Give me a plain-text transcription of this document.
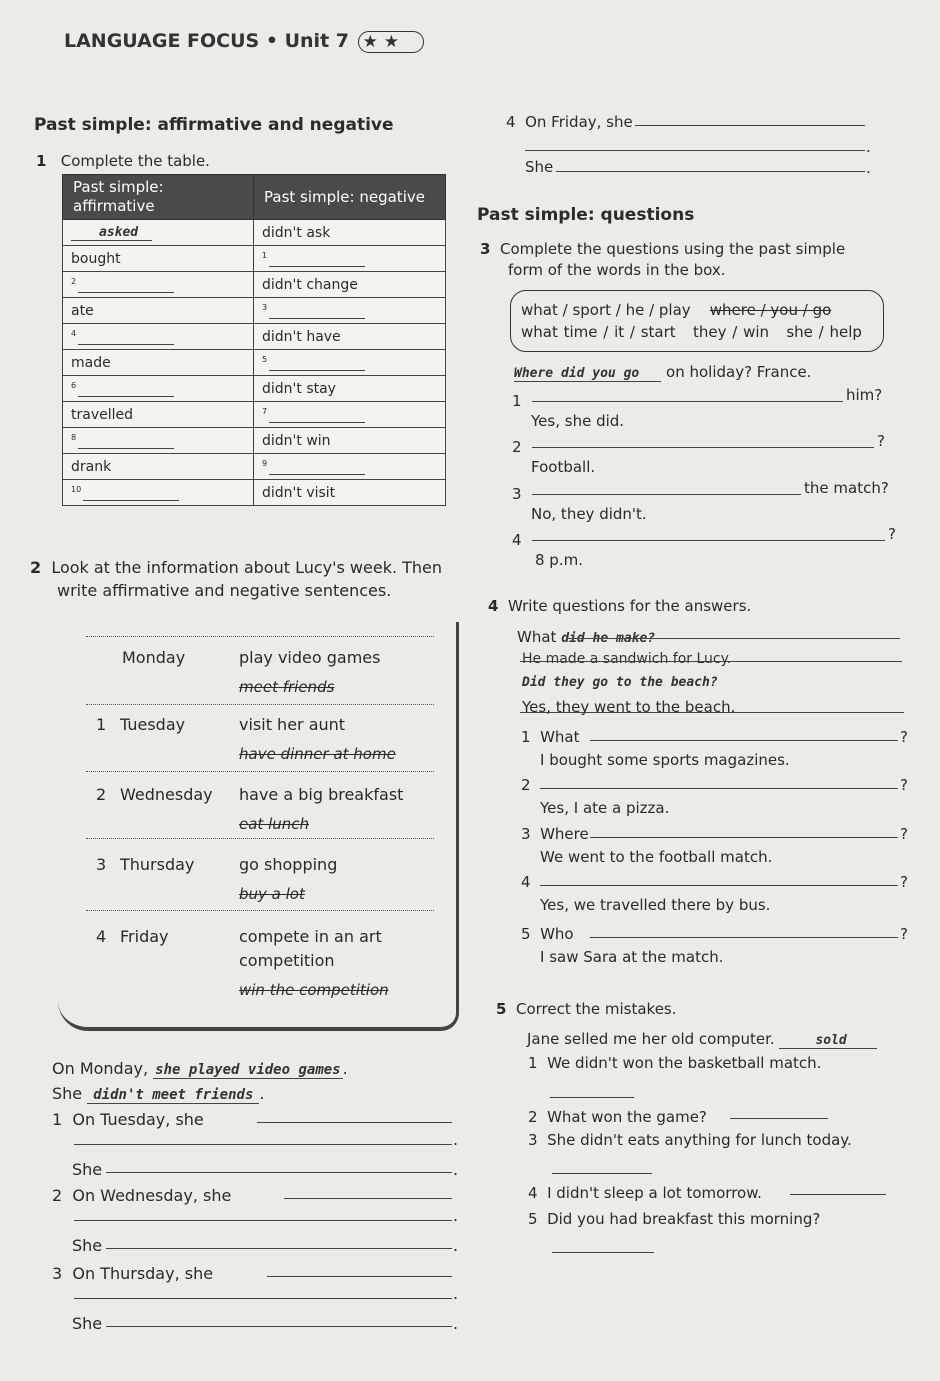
LANGUAGE FOCUS • Unit 7 ★ ★
Past simple: affirmative and negative
1 Complete the table.
Past simple: affirmative	Past simple: negative
asked	didn't ask
bought	$^1$
$^2$	didn't change
ate	$^3$
$^4$	didn't have
made	$^5$
$^6$	didn't stay
travelled	$^7$
$^8$	didn't win
drank	$^9$
$^{10}$	didn't visit
2 Look at the information about Lucy's week. Then
write affirmative and negative sentences.
Monday	play video games
meet friends
1 Tuesday	visit her aunt
have dinner at home
2 Wednesday have a big breakfast
eat lunch
3 Thursday	go shopping
buy a lot
4 Friday	compete in an art
competition
win the competition
On Monday, she played video games .
She didn't meet friends .
1 On Tuesday, she
.
She	.
2 On Wednesday, she
.
She	.
3 On Thursday, she
.
She	.
4 On Friday, she
.
She	.
Past simple: questions
3 Complete the questions using the past simple
form of the words in the box.
what / sport / he / play where / you / go
what time / it / start they / win she / help
Where did you go on holiday? France.
1	him?
Yes, she did.
2	?
Football.
3	the match?
No, they didn't.
4	?
8 p.m.
4 Write questions for the answers.
What did he make?
He made a sandwich for Lucy.
Did they go to the beach?
Yes, they went to the beach.
1 What	?
I bought some sports magazines.
2	?
Yes, I ate a pizza.
3 Where	?
We went to the football match.
4	?
Yes, we travelled there by bus.
5 Who	?
I saw Sara at the match.
5 Correct the mistakes.
Jane selled me her old computer.	sold
1 We didn't won the basketball match.
2 What won the game?
3 She didn't eats anything for lunch today.
4 I didn't sleep a lot tomorrow.
5 Did you had breakfast this morning?
